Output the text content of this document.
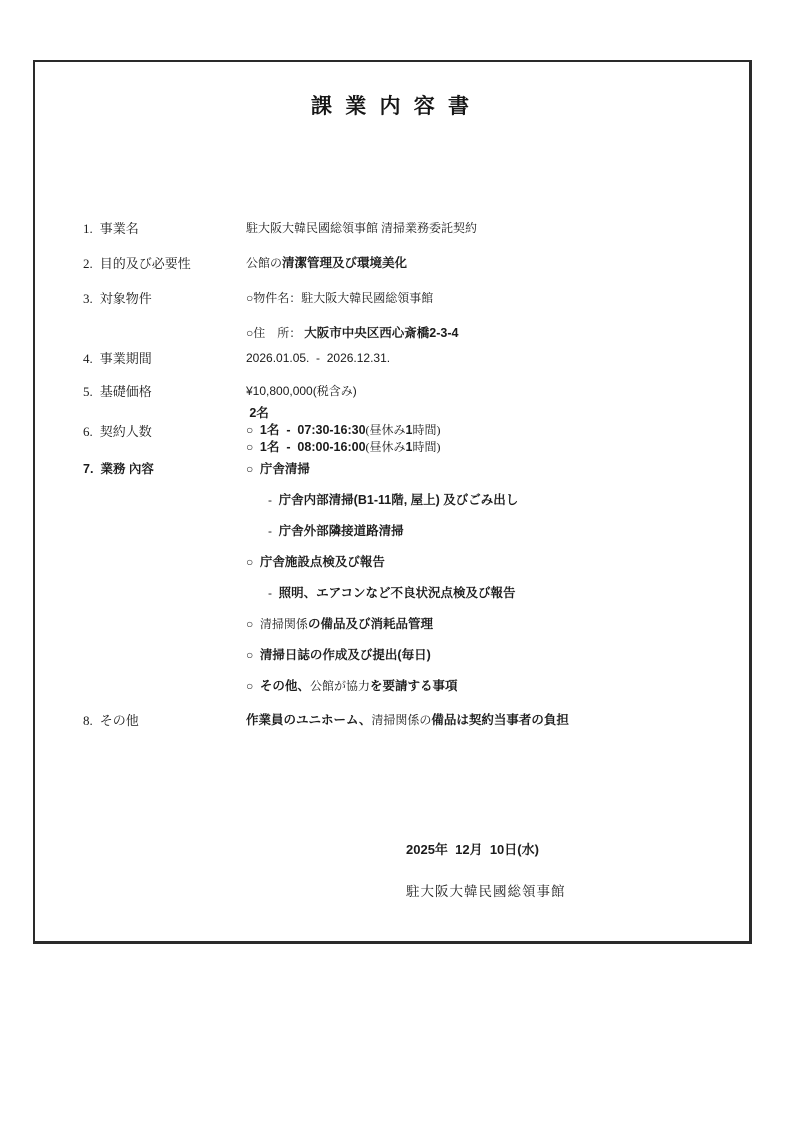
課 業 内 容 書
1. 事業名	駐大阪大韓民國総領事館 清掃業務委託契約
2. 目的及び必要性	公館の清潔管理及び環境美化
3. 対象物件	○物件名：駐大阪大韓民國総領事館
○住　所： 大阪市中央区西心斎橋2-3-4
4. 事業期間	2026.01.05.  -  2026.12.31.
5. 基礎価格	¥10,800,000(税含み)
6. 契約人数
2名
○  1名  -  07:30-16:30(昼休み1時間)
○  1名  -  08:00-16:00(昼休み1時間)
7. 業務 內容	○  庁舎清掃
-  庁舎内部清掃(B1-11階, 屋上) 及びごみ出し
-  庁舎外部隣接道路清掃
○  庁舎施設点検及び報告
-  照明、エアコンなど不良状況点検及び報告
○  清掃関係の備品及び消耗品管理
○  清掃日誌の作成及び提出(毎日)
○  その他、公館が協力を要請する事項
8. その他	作業員のユニホーム、清掃関係の備品は契約当事者の負担

2025年  12月  10日(水)

駐大阪大韓民國総領事館
